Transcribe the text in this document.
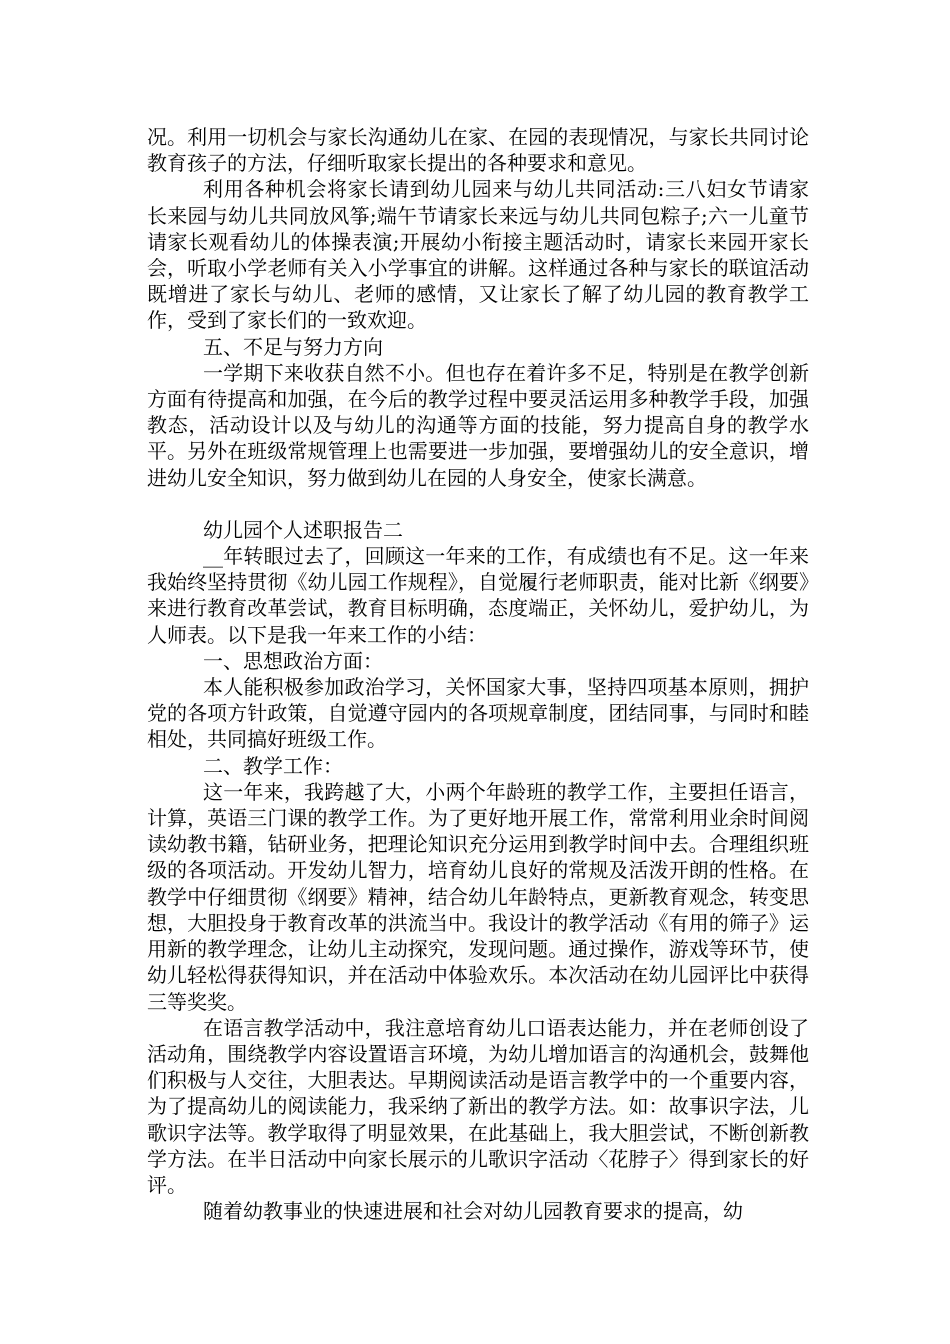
况。利用一切机会与家长沟通幼儿在家、在园的表现情况，与家长共同讨论教育孩子的方法，仔细听取家长提出的各种要求和意见。

利用各种机会将家长请到幼儿园来与幼儿共同活动:三八妇女节请家长来园与幼儿共同放风筝;端午节请家长来远与幼儿共同包粽子;六一儿童节请家长观看幼儿的体操表演;开展幼小衔接主题活动时，请家长来园开家长会，听取小学老师有关入小学事宜的讲解。这样通过各种与家长的联谊活动既增进了家长与幼儿、老师的感情，又让家长了解了幼儿园的教育教学工作，受到了家长们的一致欢迎。

五、不足与努力方向

一学期下来收获自然不小。但也存在着许多不足，特别是在教学创新方面有待提高和加强，在今后的教学过程中要灵活运用多种教学手段，加强教态，活动设计以及与幼儿的沟通等方面的技能，努力提高自身的教学水平。另外在班级常规管理上也需要进一步加强，要增强幼儿的安全意识，增进幼儿安全知识，努力做到幼儿在园的人身安全，使家长满意。

幼儿园个人述职报告二

__年转眼过去了，回顾这一年来的工作，有成绩也有不足。这一年来我始终坚持贯彻《幼儿园工作规程》，自觉履行老师职责，能对比新《纲要》来进行教育改革尝试，教育目标明确，态度端正，关怀幼儿，爱护幼儿，为人师表。以下是我一年来工作的小结：

一、思想政治方面：

本人能积极参加政治学习，关怀国家大事，坚持四项基本原则，拥护党的各项方针政策，自觉遵守园内的各项规章制度，团结同事，与同时和睦相处，共同搞好班级工作。

二、教学工作：

这一年来，我跨越了大，小两个年龄班的教学工作，主要担任语言，计算，英语三门课的教学工作。为了更好地开展工作，常常利用业余时间阅读幼教书籍，钻研业务，把理论知识充分运用到教学时间中去。合理组织班级的各项活动。开发幼儿智力，培育幼儿良好的常规及活泼开朗的性格。在教学中仔细贯彻《纲要》精神，结合幼儿年龄特点，更新教育观念，转变思想，大胆投身于教育改革的洪流当中。我设计的教学活动《有用的筛子》运用新的教学理念，让幼儿主动探究，发现问题。通过操作，游戏等环节，使幼儿轻松得获得知识，并在活动中体验欢乐。本次活动在幼儿园评比中获得三等奖奖。

在语言教学活动中，我注意培育幼儿口语表达能力，并在老师创设了活动角，围绕教学内容设置语言环境，为幼儿增加语言的沟通机会，鼓舞他们积极与人交往，大胆表达。早期阅读活动是语言教学中的一个重要内容，为了提高幼儿的阅读能力，我采纳了新出的教学方法。如：故事识字法，儿歌识字法等。教学取得了明显效果，在此基础上，我大胆尝试，不断创新教学方法。在半日活动中向家长展示的儿歌识字活动〈花脖子〉得到家长的好评。

随着幼教事业的快速进展和社会对幼儿园教育要求的提高，幼
